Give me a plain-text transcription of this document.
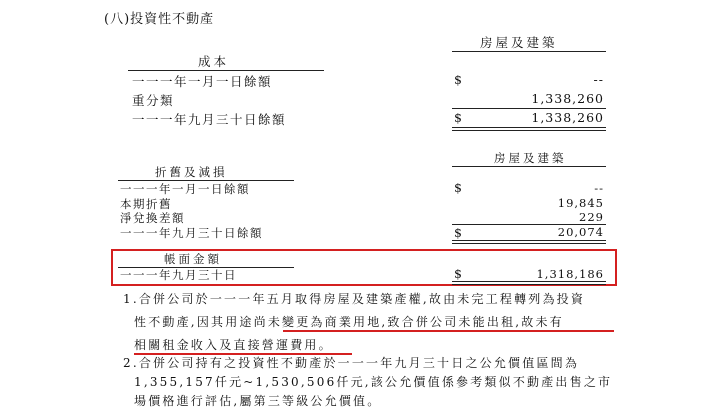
(八)投資性不動產
房屋及建築
成本
一一一年一月一日餘額	$	--
重分類	1,338,260
一一一年九月三十日餘額	$	1,338,260
房屋及建築
折舊及減損
一一一年一月一日餘額	$	--
本期折舊	19,845
淨兌換差額	229
一一一年九月三十日餘額	$	20,074
帳面金額
一一一年九月三十日	$	1,318,186
1.合併公司於一一一年五月取得房屋及建築產權,故由未完工程轉列為投資
性不動產,因其用途尚未變更為商業用地,致合併公司未能出租,故未有
相關租金收入及直接營運費用。
2.合併公司持有之投資性不動產於一一一年九月三十日之公允價值區間為
1,355,157仟元~1,530,506仟元,該公允價值係參考類似不動產出售之市
場價格進行評估,屬第三等級公允價值。
